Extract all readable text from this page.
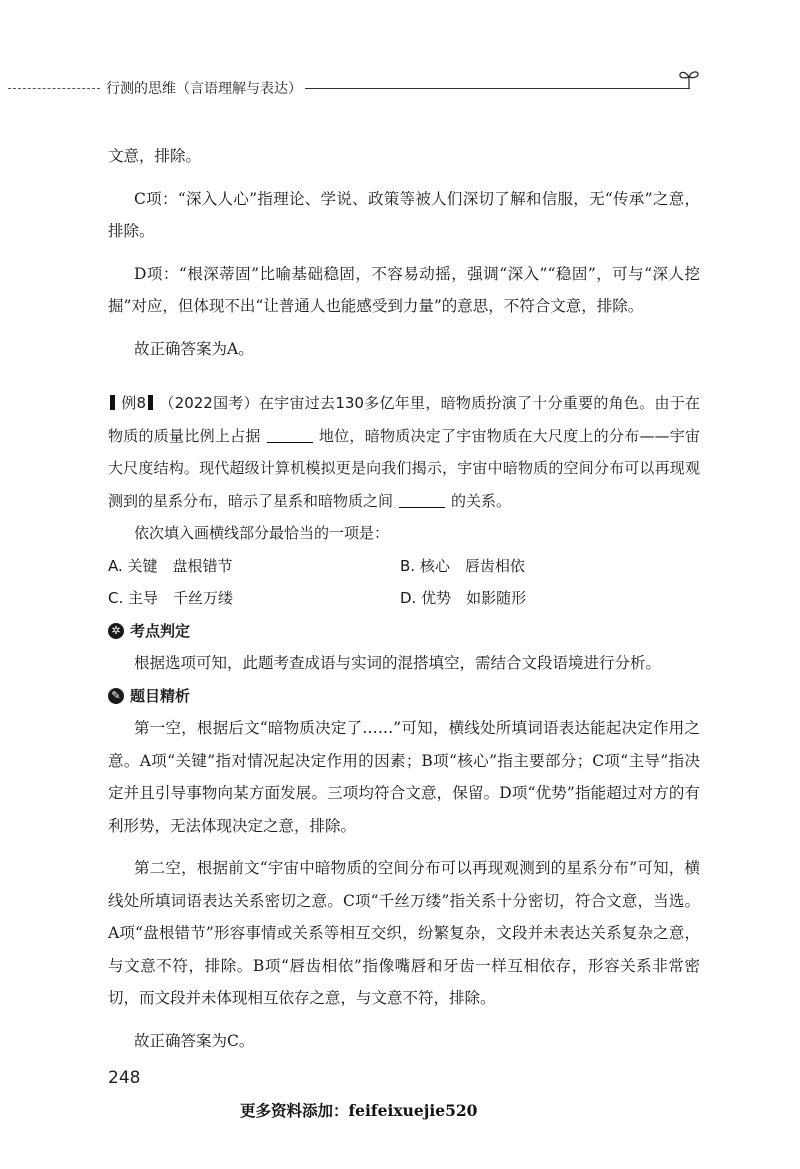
行测的思维（言语理解与表达）

文意，排除。

C项：“深入人心”指理论、学说、政策等被人们深切了解和信服，无“传承”之意，排除。

D项：“根深蒂固”比喻基础稳固，不容易动摇，强调“深入”“稳固”，可与“深人挖掘”对应，但体现不出“让普通人也能感受到力量”的意思，不符合文意，排除。

故正确答案为A。

例8 （2022国考）在宇宙过去130多亿年里，暗物质扮演了十分重要的角色。由于在物质的质量比例上占据	地位，暗物质决定了宇宙物质在大尺度上的分布——宇宙大尺度结构。现代超级计算机模拟更是向我们揭示，宇宙中暗物质的空间分布可以再现观测到的星系分布，暗示了星系和暗物质之间	的关系。

依次填入画横线部分最恰当的一项是：

A. 关键　盘根错节	B. 核心　唇齿相依
C. 主导　千丝万缕	D. 优势　如影随形
✲ 考点判定

根据选项可知，此题考查成语与实词的混搭填空，需结合文段语境进行分析。

✎ 题目精析

第一空，根据后文“暗物质决定了……”可知，横线处所填词语表达能起决定作用之意。A项“关键”指对情况起决定作用的因素；B项“核心”指主要部分；C项“主导”指决定并且引导事物向某方面发展。三项均符合文意，保留。D项“优势”指能超过对方的有利形势，无法体现决定之意，排除。

第二空，根据前文“宇宙中暗物质的空间分布可以再现观测到的星系分布”可知，横线处所填词语表达关系密切之意。C项“千丝万缕”指关系十分密切，符合文意，当选。A项“盘根错节”形容事情或关系等相互交织，纷繁复杂，文段并未表达关系复杂之意，与文意不符，排除。B项“唇齿相依”指像嘴唇和牙齿一样互相依存，形容关系非常密切，而文段并未体现相互依存之意，与文意不符，排除。

故正确答案为C。

248
更多资料添加：feifeixuejie520
